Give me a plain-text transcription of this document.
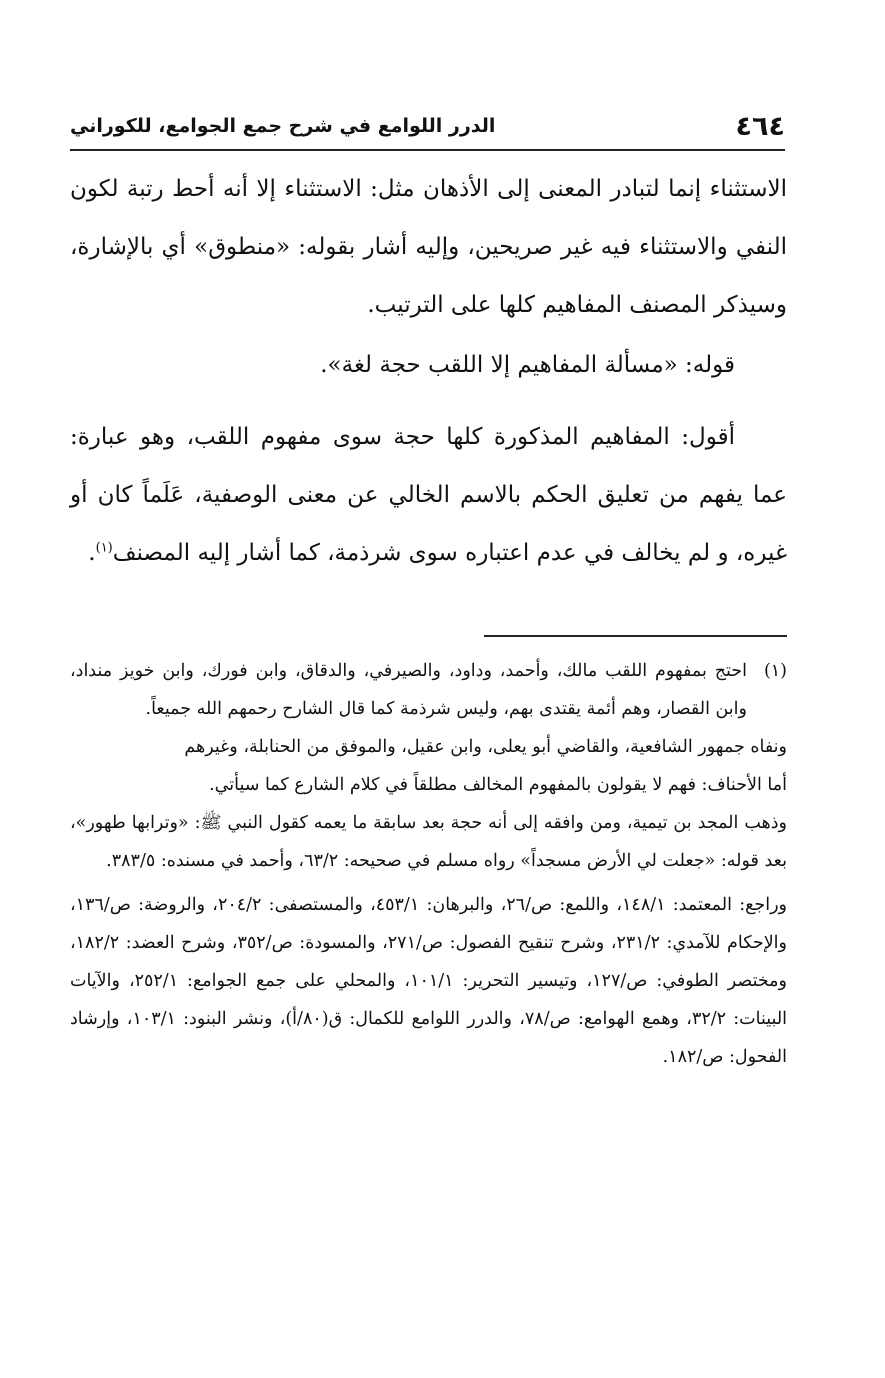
٤٦٤
الدرر اللوامع في شرح جمع الجوامع، للكوراني

الاستثناء إنما لتبادر المعنى إلى الأذهان مثل: الاستثناء إلا أنه أحط رتبة لكون النفي والاستثناء فيه غير صريحين، وإليه أشار بقوله: «منطوق» أي بالإشارة، وسيذكر المصنف المفاهيم كلها على الترتيب.

قوله: «مسألة المفاهيم إلا اللقب حجة لغة».

أقول: المفاهيم المذكورة كلها حجة سوى مفهوم اللقب، وهو عبارة: عما يفهم من تعليق الحكم بالاسم الخالي عن معنى الوصفية، عَلَماً كان أو غيره، و لم يخالف في عدم اعتباره سوى شرذمة، كما أشار إليه المصنف$^{(١)}$.

(١)احتج بمفهوم اللقب مالك، وأحمد، وداود، والصيرفي، والدقاق، وابن فورك، وابن خويز منداد، وابن القصار، وهم أئمة يقتدى بهم، وليس شرذمة كما قال الشارح رحمهم الله جميعاً.

ونفاه جمهور الشافعية، والقاضي أبو يعلى، وابن عقيل، والموفق من الحنابلة، وغيرهم

أما الأحناف: فهم لا يقولون بالمفهوم المخالف مطلقاً في كلام الشارع كما سيأتي.

وذهب المجد بن تيمية، ومن وافقه إلى أنه حجة بعد سابقة ما يعمه كقول النبي ﷺ: «وترابها طهور»، بعد قوله: «جعلت لي الأرض مسجداً» رواه مسلم في صحيحه: ٦٣/٢، وأحمد في مسنده: ٣٨٣/٥.

وراجع: المعتمد: ١٤٨/١، واللمع: ص/٢٦، والبرهان: ٤٥٣/١، والمستصفى: ٢٠٤/٢، والروضة: ص/١٣٦، والإحكام للآمدي: ٢٣١/٢، وشرح تنقيح الفصول: ص/٢٧١، والمسودة: ص/٣٥٢، وشرح العضد: ١٨٢/٢، ومختصر الطوفي: ص/١٢٧، وتيسير التحرير: ١٠١/١، والمحلي على جمع الجوامع: ٢٥٢/١، والآيات البينات: ٣٢/٢، وهمع الهوامع: ص/٧٨، والدرر اللوامع للكمال: ق(٨٠/أ)، ونشر البنود: ١٠٣/١، وإرشاد الفحول: ص/١٨٢.
